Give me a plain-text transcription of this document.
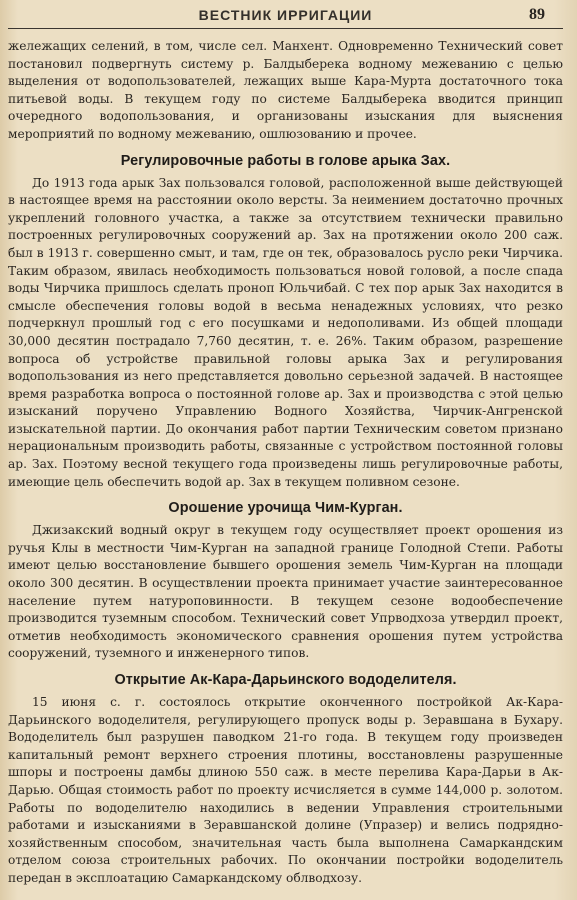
ВЕСТНИК ИРРИГАЦИИ	89

жележащих селений, в том, числе сел. Манхент. Одновременно Технический совет постановил подвергнуть систему р. Балдыберека водному межеванию с целью выделения от водопользователей, лежащих выше Кара-Мурта достаточного тока питьевой воды. В текущем году по системе Балдыберека вводится принцип очередного водопользования, и организованы изыскания для выяснения мероприятий по водному межеванию, ошлюзованию и прочее.

Регулировочные работы в голове арыка Зах.

До 1913 года арык Зах пользовался головой, расположенной выше действующей в настоящее время на расстоянии около версты. За неимением достаточно прочных укреплений головного участка, а также за отсутствием технически правильно построенных регулировочных сооружений ар. Зах на протяжении около 200 саж. был в 1913 г. совершенно смыт, и там, где он тек, образовалось русло реки Чирчика. Таким образом, явилась необходимость пользоваться новой головой, а после спада воды Чирчика пришлось сделать проноп Юльчибай. С тех пор арык Зах находится в смысле обеспечения головы водой в весьма ненадежных условиях, что резко подчеркнул прошлый год с его посушками и недополивами. Из общей площади 30,000 десятин пострадало 7,760 десятин, т. е. 26%. Таким образом, разрешение вопроса об устройстве правильной головы арыка Зах и регулирования водопользования из него представляется довольно серьезной задачей. В настоящее время разработка вопроса о постоянной голове ар. Зах и производства с этой целью изысканий поручено Управлению Водного Хозяйства, Чирчик-Ангренской изыскательной партии. До окончания работ партии Техническим советом признано нерациональным производить работы, связанные с устройством постоянной головы ар. Зах. Поэтому весной текущего года произведены лишь регулировочные работы, имеющие цель обеспечить водой ар. Зах в текущем поливном сезоне.

Орошение урочища Чим-Курган.

Джизакский водный округ в текущем году осуществляет проект орошения из ручья Клы в местности Чим-Курган на западной границе Голодной Степи. Работы имеют целью восстановление бывшего орошения земель Чим-Курган на площади около 300 десятин. В осуществлении проекта принимает участие заинтересованное население путем натуроповинности. В текущем сезоне водообеспечение производится туземным способом. Технический совет Упрводхоза утвердил проект, отметив необходимость экономического сравнения орошения путем устройства сооружений, туземного и инженерного типов.

Открытие Ак-Кара-Дарьинского вододелителя.

15 июня с. г. состоялось открытие оконченного постройкой Ак-Кара-Дарьинского вододелителя, регулирующего пропуск воды р. Зеравшана в Бухару. Вододелитель был разрушен паводком 21-го года. В текущем году произведен капитальный ремонт верхнего строения плотины, восстановлены разрушенные шпоры и построены дамбы длиною 550 саж. в месте перелива Кара-Дарьи в Ак-Дарью. Общая стоимость работ по проекту исчисляется в сумме 144,000 р. золотом. Работы по вододелителю находились в ведении Управления строительными работами и изысканиями в Зеравшанской долине (Упразер) и велись подрядно-хозяйственным способом, значительная часть была выполнена Самаркандским отделом союза строительных рабочих. По окончании постройки вододелитель передан в эксплоатацию Самаркандскому облводхозу.
